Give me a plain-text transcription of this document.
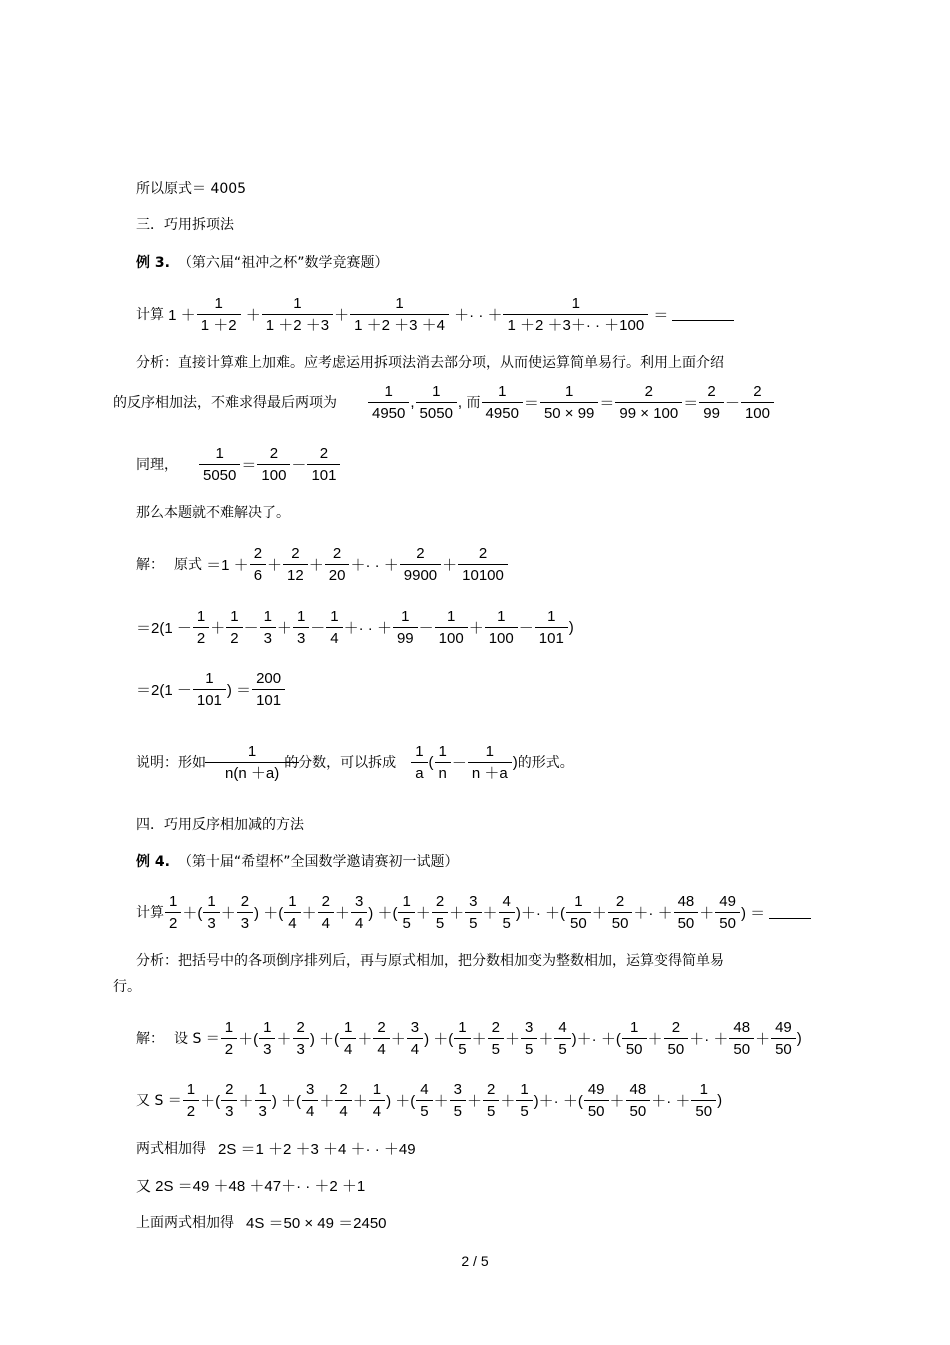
所以原式＝ 4005
三．巧用拆项法
例 3. （第六届“祖冲之杯”数学竞赛题）
计算 $1 + \frac{1}{1 +2} + \frac{1}{1 +2 +3} + \frac{1}{1 +2 +3 +4}$ ＋· · ＋ $\frac{1}{1 +2 +3+\cdot \cdot +100}$ ＝
分析：直接计算难上加难。应考虑运用拆项法消去部分项，从而使运算简单易行。利用上面介绍
的反序相加法，不难求得最后两项为 $\frac{1}{4950}$ , $\frac{1}{5050}$ , 而 $\frac{1}{4950} = \frac{1}{50 \times 99} = \frac{2}{99 \times 100} = \frac{2}{99} - \frac{2}{100}$
同理， $\frac{1}{5050} = \frac{2}{100} - \frac{2}{101}$
那么本题就不难解决了。
解： 原式 $=1 + \frac{2}{6} + \frac{2}{12} + \frac{2}{20}$ ＋· · ＋ $\frac{2}{9900} + \frac{2}{10100}$
$=2(1 - \frac{1}{2} + \frac{1}{2} - \frac{1}{3} + \frac{1}{3} - \frac{1}{4}$ ＋· · ＋ $\frac{1}{99} - \frac{1}{100} + \frac{1}{100} - \frac{1}{101}$ )
$=2(1 - \frac{1}{101}$ ) ＝ $\frac{200}{101}$
说明：形如	$\frac{1}{n(n +a)}$ 的分数，可以拆成 $\frac{1}{a}$ ( $\frac{1}{n} - \frac{1}{n +a}$ ) 的形式。
四．巧用反序相加减的方法
例 4. （第十届“希望杯”全国数学邀请赛初一试题）
计算 $\frac{1}{2}$ ＋( $\frac{1}{3} + \frac{2}{3}$ ) ＋( $\frac{1}{4} + \frac{2}{4} + \frac{3}{4}$ ) ＋( $\frac{1}{5} + \frac{2}{5} + \frac{3}{5} + \frac{4}{5}$ )＋· ＋( $\frac{1}{50} + \frac{2}{50}$ ＋· ＋ $\frac{48}{50} + \frac{49}{50}$ ) ＝
分析：把括号中的各项倒序排列后，再与原式相加，把分数相加变为整数相加，运算变得简单易
行。
解： 设 $S = \frac{1}{2}$ ＋( $\frac{1}{3} + \frac{2}{3}$ ) ＋( $\frac{1}{4} + \frac{2}{4} + \frac{3}{4}$ ) ＋( $\frac{1}{5} + \frac{2}{5} + \frac{3}{5} + \frac{4}{5}$ )＋· ＋( $\frac{1}{50} + \frac{2}{50}$ ＋· ＋ $\frac{48}{50} + \frac{49}{50}$ )
又 $S = \frac{1}{2}$ ＋( $\frac{2}{3} + \frac{1}{3}$ ) ＋( $\frac{3}{4} + \frac{2}{4} + \frac{1}{4}$ ) ＋( $\frac{4}{5} + \frac{3}{5} + \frac{2}{5} + \frac{1}{5}$ )＋· ＋( $\frac{49}{50} + \frac{48}{50}$ ＋· ＋ $\frac{1}{50}$ )
两式相加得 2S ＝1 ＋2 ＋3 ＋4 ＋· · ＋49
又 2S ＝49 ＋48 ＋47＋· · ＋2 ＋1
上面两式相加得 4S ＝50 × 49 ＝2450
2 / 5
